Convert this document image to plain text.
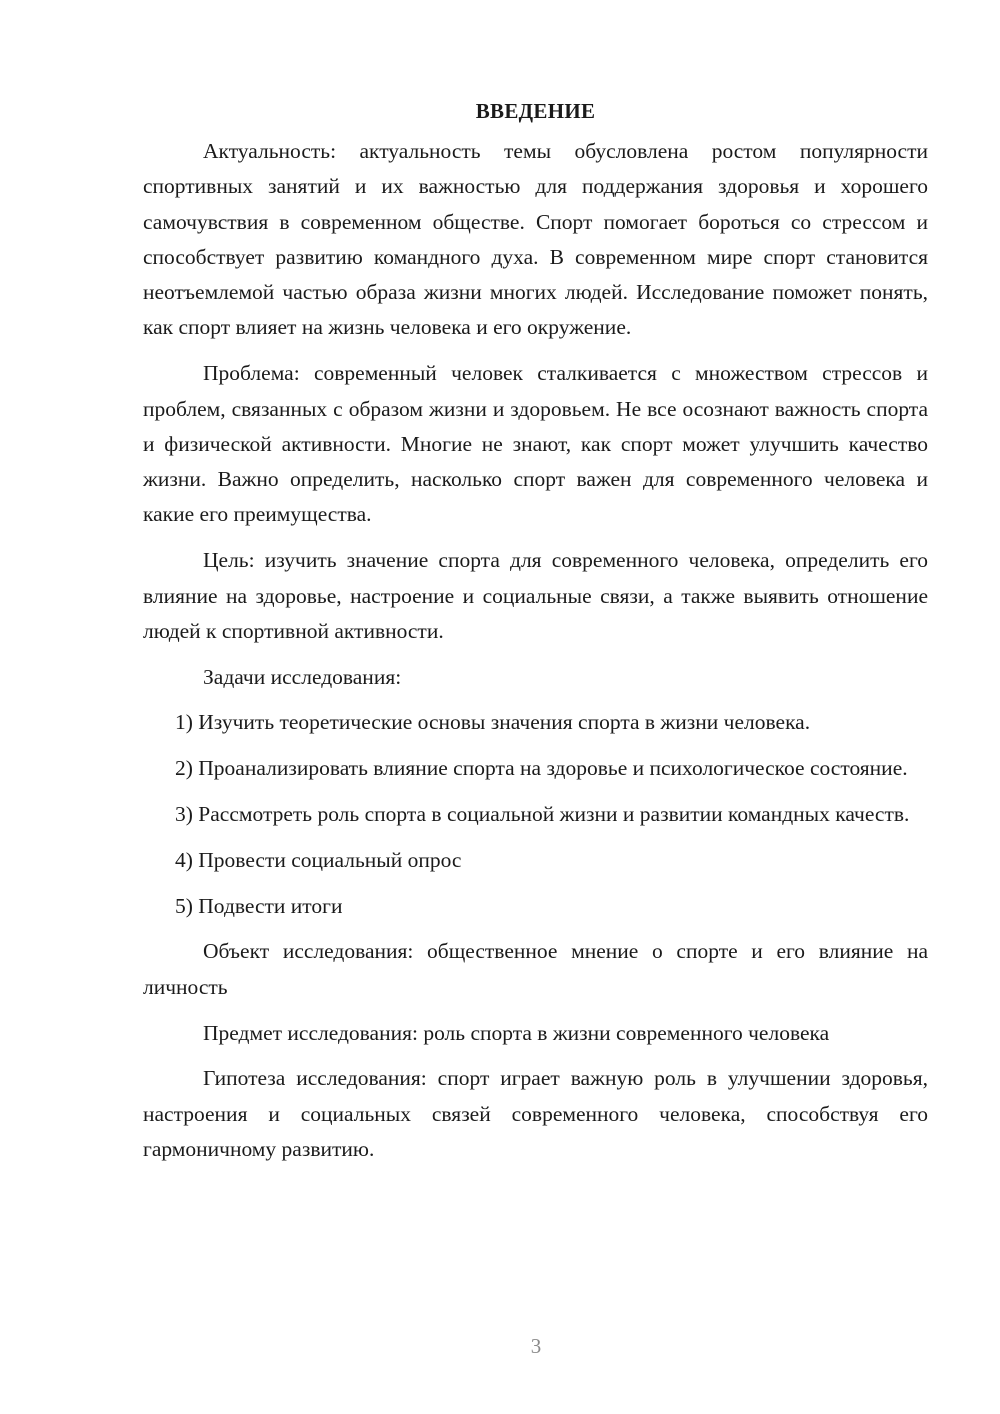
ВВЕДЕНИЕ

Актуальность: актуальность темы обусловлена ростом популярности спортивных занятий и их важностью для поддержания здоровья и хорошего самочувствия в современном обществе. Спорт помогает бороться со стрессом и способствует развитию командного духа. В современном мире спорт становится неотъемлемой частью образа жизни многих людей. Исследование поможет понять, как спорт влияет на жизнь человека и его окружение.

Проблема: современный человек сталкивается с множеством стрессов и проблем, связанных с образом жизни и здоровьем. Не все осознают важность спорта и физической активности. Многие не знают, как спорт может улучшить качество жизни. Важно определить, насколько спорт важен для современного человека и какие его преимущества.

Цель: изучить значение спорта для современного человека, определить его влияние на здоровье, настроение и социальные связи, а также выявить отношение людей к спортивной активности.

Задачи исследования:

1) Изучить теоретические основы значения спорта в жизни человека.
2) Проанализировать влияние спорта на здоровье и психологическое состояние.
3) Рассмотреть роль спорта в социальной жизни и развитии командных качеств.
4) Провести социальный опрос
5) Подвести итоги

Объект исследования: общественное мнение о спорте и его влияние на личность

Предмет исследования: роль спорта в жизни современного человека

Гипотеза исследования: спорт играет важную роль в улучшении здоровья, настроения и социальных связей современного человека, способствуя его гармоничному развитию.

3
